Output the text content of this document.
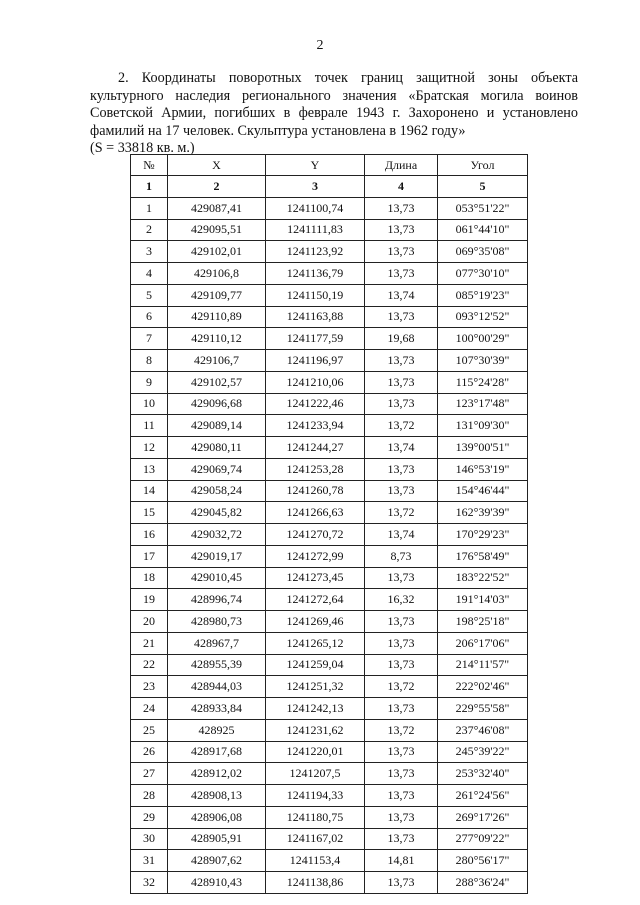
2

2. Координаты поворотных точек границ защитной зоны объекта культурного наследия регионального значения «Братская могила воинов Советской Армии, погибших в феврале 1943 г. Захоронено и установлено фамилий на 17 человек. Скульптура установлена в 1962 году»

(S = 33818 кв. м.)
№	X	Y	Длина	Угол
1	2	3	4	5
1	429087,41	1241100,74	13,73	053°51'22"
2	429095,51	1241111,83	13,73	061°44'10"
3	429102,01	1241123,92	13,73	069°35'08"
4	429106,8	1241136,79	13,73	077°30'10"
5	429109,77	1241150,19	13,74	085°19'23"
6	429110,89	1241163,88	13,73	093°12'52"
7	429110,12	1241177,59	19,68	100°00'29"
8	429106,7	1241196,97	13,73	107°30'39"
9	429102,57	1241210,06	13,73	115°24'28"
10	429096,68	1241222,46	13,73	123°17'48"
11	429089,14	1241233,94	13,72	131°09'30"
12	429080,11	1241244,27	13,74	139°00'51"
13	429069,74	1241253,28	13,73	146°53'19"
14	429058,24	1241260,78	13,73	154°46'44"
15	429045,82	1241266,63	13,72	162°39'39"
16	429032,72	1241270,72	13,74	170°29'23"
17	429019,17	1241272,99	8,73	176°58'49"
18	429010,45	1241273,45	13,73	183°22'52"
19	428996,74	1241272,64	16,32	191°14'03"
20	428980,73	1241269,46	13,73	198°25'18"
21	428967,7	1241265,12	13,73	206°17'06"
22	428955,39	1241259,04	13,73	214°11'57"
23	428944,03	1241251,32	13,72	222°02'46"
24	428933,84	1241242,13	13,73	229°55'58"
25	428925	1241231,62	13,72	237°46'08"
26	428917,68	1241220,01	13,73	245°39'22"
27	428912,02	1241207,5	13,73	253°32'40"
28	428908,13	1241194,33	13,73	261°24'56"
29	428906,08	1241180,75	13,73	269°17'26"
30	428905,91	1241167,02	13,73	277°09'22"
31	428907,62	1241153,4	14,81	280°56'17"
32	428910,43	1241138,86	13,73	288°36'24"
